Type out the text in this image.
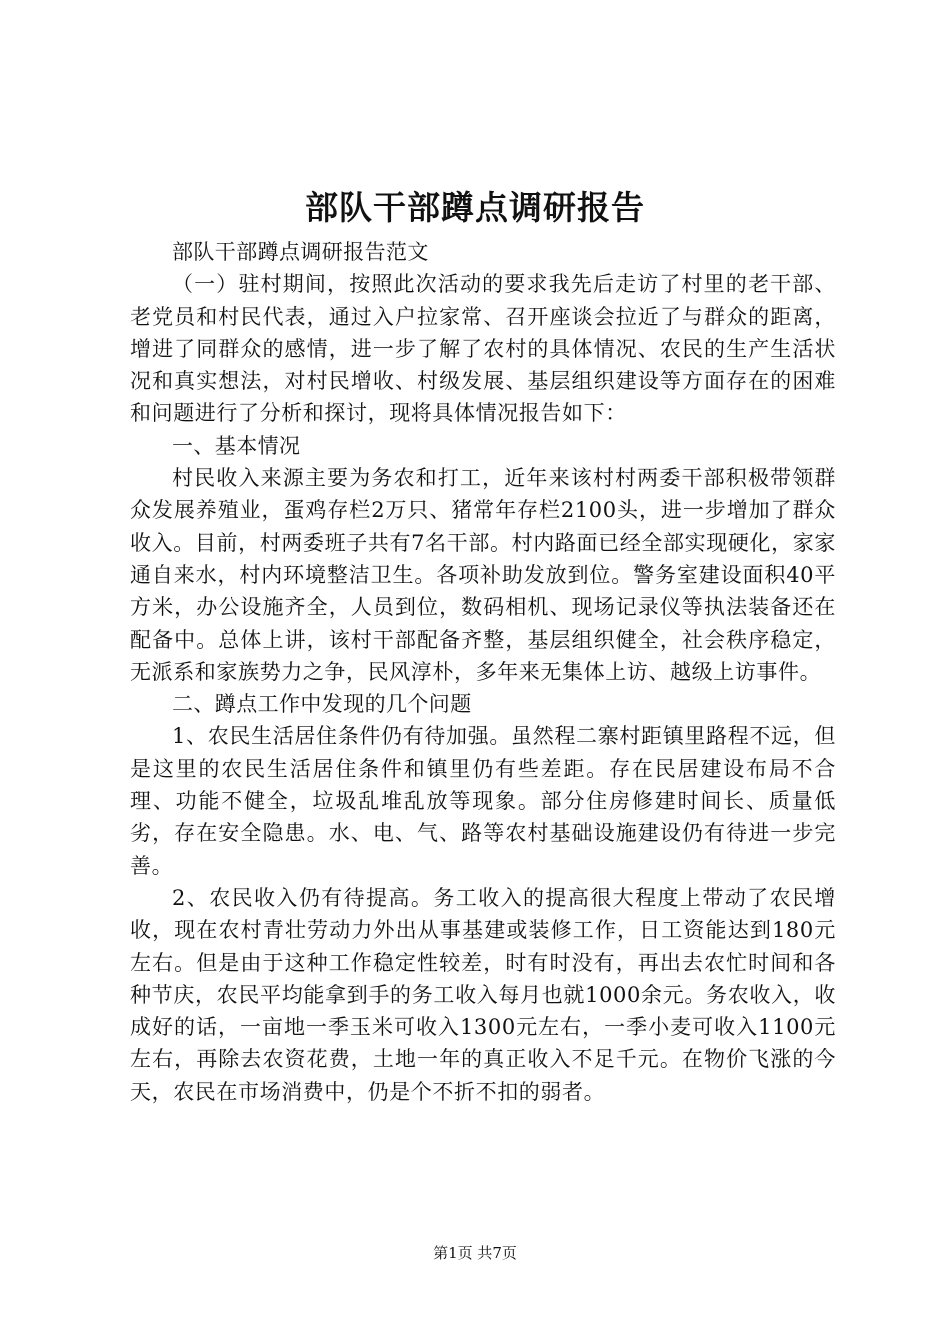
部队干部蹲点调研报告

部队干部蹲点调研报告范文

（一）驻村期间，按照此次活动的要求我先后走访了村里的老干部、老党员和村民代表，通过入户拉家常、召开座谈会拉近了与群众的距离，增进了同群众的感情，进一步了解了农村的具体情况、农民的生产生活状况和真实想法，对村民增收、村级发展、基层组织建设等方面存在的困难和问题进行了分析和探讨，现将具体情况报告如下：

一、基本情况

村民收入来源主要为务农和打工，近年来该村村两委干部积极带领群众发展养殖业，蛋鸡存栏2万只、猪常年存栏2100头，进一步增加了群众收入。目前，村两委班子共有7名干部。村内路面已经全部实现硬化，家家通自来水，村内环境整洁卫生。各项补助发放到位。警务室建设面积40平方米，办公设施齐全，人员到位，数码相机、现场记录仪等执法装备还在配备中。总体上讲，该村干部配备齐整，基层组织健全，社会秩序稳定，无派系和家族势力之争，民风淳朴，多年来无集体上访、越级上访事件。

二、蹲点工作中发现的几个问题

1、农民生活居住条件仍有待加强。虽然程二寨村距镇里路程不远，但是这里的农民生活居住条件和镇里仍有些差距。存在民居建设布局不合理、功能不健全，垃圾乱堆乱放等现象。部分住房修建时间长、质量低劣，存在安全隐患。水、电、气、路等农村基础设施建设仍有待进一步完善。

2、农民收入仍有待提高。务工收入的提高很大程度上带动了农民增收，现在农村青壮劳动力外出从事基建或装修工作，日工资能达到180元左右。但是由于这种工作稳定性较差，时有时没有，再出去农忙时间和各种节庆，农民平均能拿到手的务工收入每月也就1000余元。务农收入，收成好的话，一亩地一季玉米可收入1300元左右，一季小麦可收入1100元左右，再除去农资花费，土地一年的真正收入不足千元。在物价飞涨的今天，农民在市场消费中，仍是个不折不扣的弱者。

第1页 共7页
